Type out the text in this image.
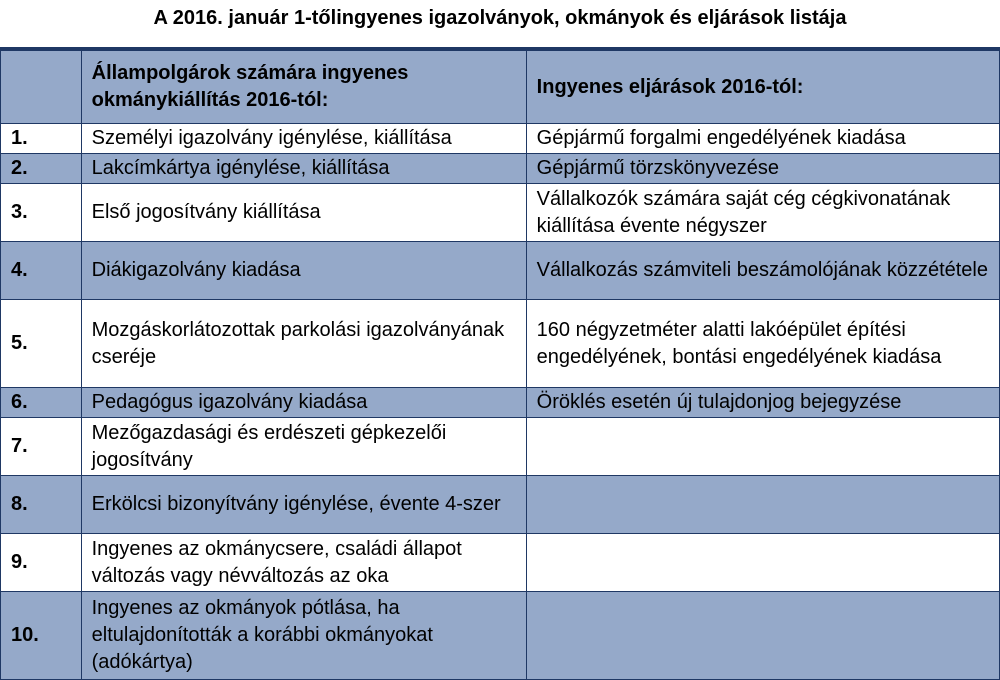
A 2016. január 1-tőlingyenes igazolványok, okmányok és eljárások listája
	Állampolgárok számára ingyenes okmánykiállítás 2016-tól:	Ingyenes eljárások 2016-tól:
1.	Személyi igazolvány igénylése, kiállítása	Gépjármű forgalmi engedélyének kiadása
2.	Lakcímkártya igénylése, kiállítása	Gépjármű törzskönyvezése
3.	Első jogosítvány kiállítása	Vállalkozók számára saját cég cégkivonatának kiállítása évente négyszer
4.	Diákigazolvány kiadása	Vállalkozás számviteli beszámolójának közzététele
5.	Mozgáskorlátozottak parkolási igazolványának cseréje	160 négyzetméter alatti lakóépület építési engedélyének, bontási engedélyének kiadása
6.	Pedagógus igazolvány kiadása	Öröklés esetén új tulajdonjog bejegyzése
7.	Mezőgazdasági és erdészeti gépkezelői jogosítvány	
8.	Erkölcsi bizonyítvány igénylése, évente 4-szer	
9.	Ingyenes az okmánycsere, családi állapot változás vagy névváltozás az oka	
10.	Ingyenes az okmányok pótlása, ha eltulajdonították a korábbi okmányokat (adókártya)	
